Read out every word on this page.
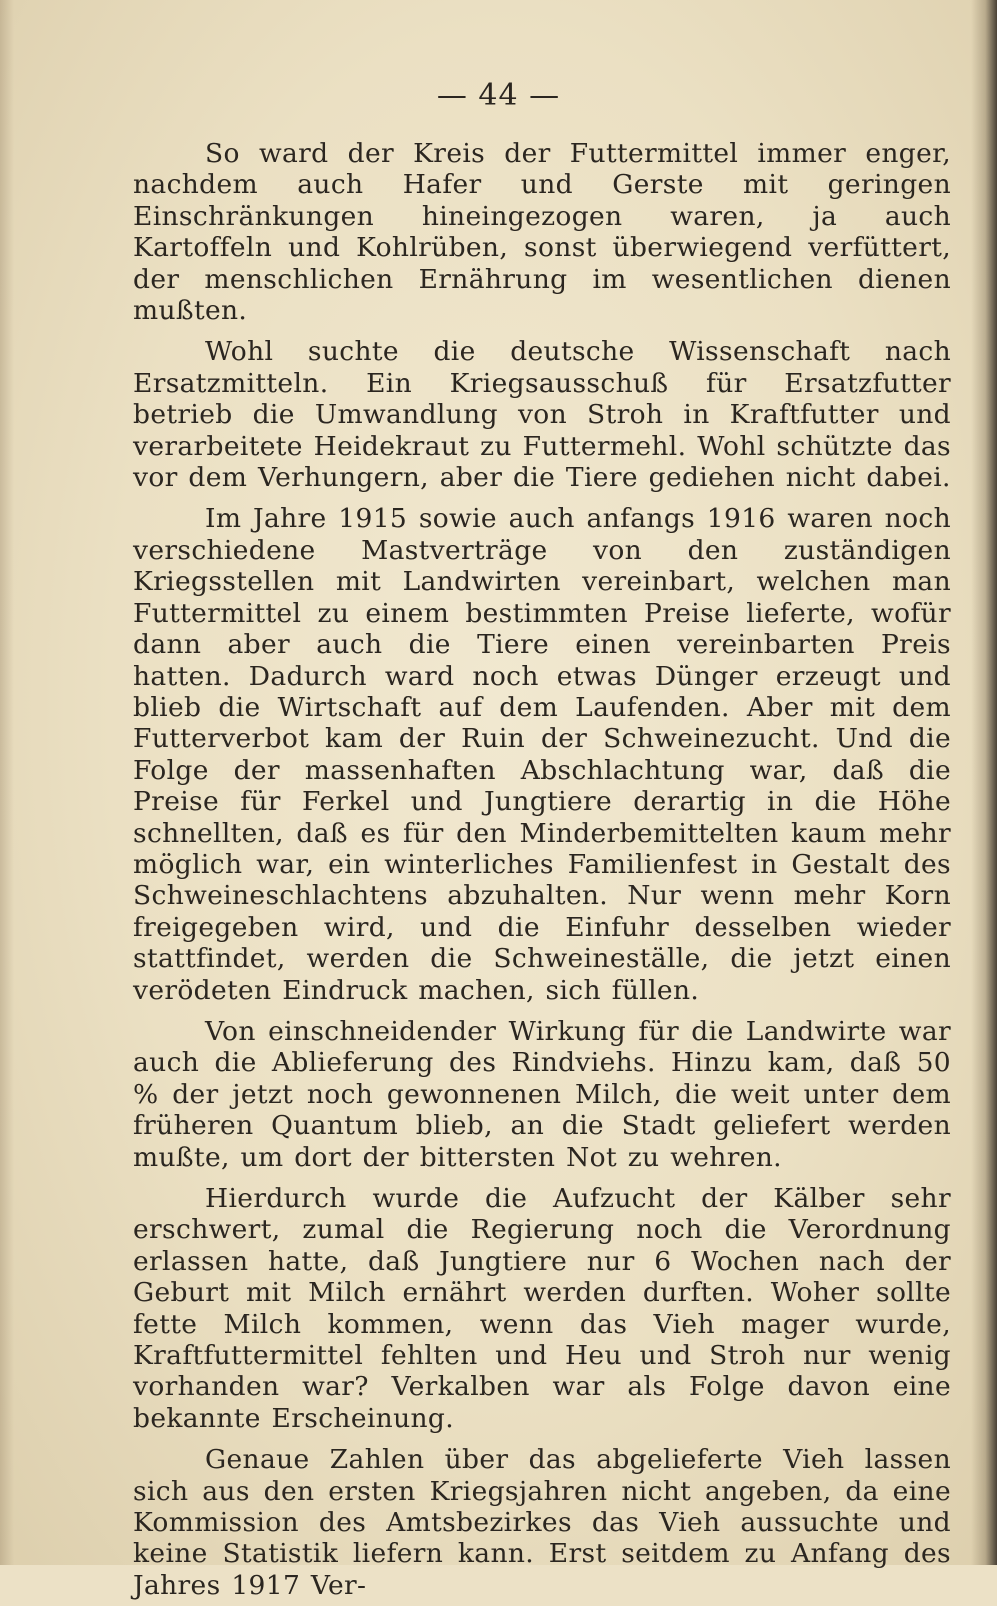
— 44 —

So ward der Kreis der Futtermittel immer enger, nachdem auch Hafer und Gerste mit geringen Einschränkungen hineingezogen waren, ja auch Kartoffeln und Kohlrüben, sonst überwiegend verfüttert, der menschlichen Ernährung im wesentlichen dienen mußten.

Wohl suchte die deutsche Wissenschaft nach Ersatzmitteln. Ein Kriegsausschuß für Ersatzfutter betrieb die Umwandlung von Stroh in Kraftfutter und verarbeitete Heidekraut zu Futtermehl. Wohl schützte das vor dem Verhungern, aber die Tiere gediehen nicht dabei.

Im Jahre 1915 sowie auch anfangs 1916 waren noch verschiedene Mastverträge von den zuständigen Kriegsstellen mit Landwirten vereinbart, welchen man Futtermittel zu einem bestimmten Preise lieferte, wofür dann aber auch die Tiere einen vereinbarten Preis hatten. Dadurch ward noch etwas Dünger erzeugt und blieb die Wirtschaft auf dem Laufenden. Aber mit dem Futterverbot kam der Ruin der Schweinezucht. Und die Folge der massenhaften Abschlachtung war, daß die Preise für Ferkel und Jungtiere derartig in die Höhe schnellten, daß es für den Minderbemittelten kaum mehr möglich war, ein winterliches Familienfest in Gestalt des Schweineschlachtens abzuhalten. Nur wenn mehr Korn freigegeben wird, und die Einfuhr desselben wieder stattfindet, werden die Schweineställe, die jetzt einen verödeten Eindruck machen, sich füllen.

Von einschneidender Wirkung für die Landwirte war auch die Ablieferung des Rindviehs. Hinzu kam, daß 50 % der jetzt noch gewonnenen Milch, die weit unter dem früheren Quantum blieb, an die Stadt geliefert werden mußte, um dort der bittersten Not zu wehren.

Hierdurch wurde die Aufzucht der Kälber sehr erschwert, zumal die Regierung noch die Verordnung erlassen hatte, daß Jungtiere nur 6 Wochen nach der Geburt mit Milch ernährt werden durften. Woher sollte fette Milch kommen, wenn das Vieh mager wurde, Kraftfuttermittel fehlten und Heu und Stroh nur wenig vorhanden war? Verkalben war als Folge davon eine bekannte Erscheinung.

Genaue Zahlen über das abgelieferte Vieh lassen sich aus den ersten Kriegsjahren nicht angeben, da eine Kommission des Amtsbezirkes das Vieh aussuchte und keine Statistik liefern kann. Erst seitdem zu Anfang des Jahres 1917 Ver-
